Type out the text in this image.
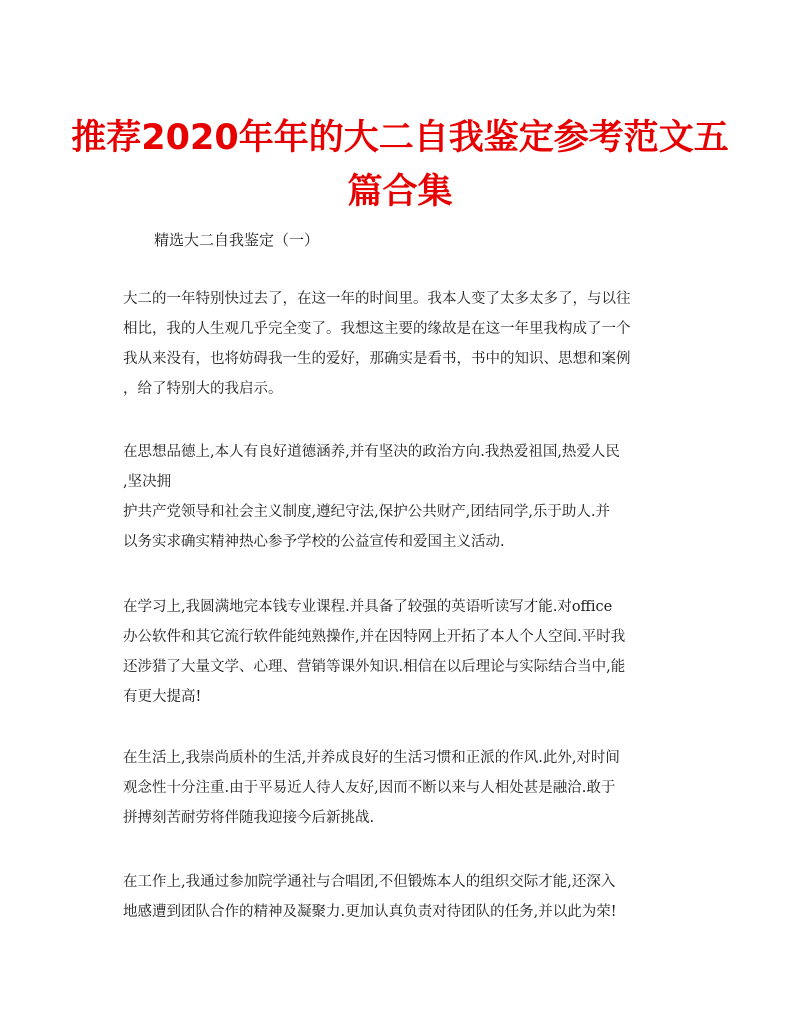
推荐2020年年的大二自我鉴定参考范文五
篇合集

精选大二自我鉴定（一）

大二的一年特别快过去了，在这一年的时间里。我本人变了太多太多了，与以往
相比，我的人生观几乎完全变了。我想这主要的缘故是在这一年里我构成了一个
我从来没有，也将妨碍我一生的爱好，那确实是看书，书中的知识、思想和案例
，给了特别大的我启示。
在思想品德上,本人有良好道德涵养,并有坚决的政治方向.我热爱祖国,热爱人民
,坚决拥
护共产党领导和社会主义制度,遵纪守法,保护公共财产,团结同学,乐于助人.并
以务实求确实精神热心参予学校的公益宣传和爱国主义活动.
在学习上,我圆满地完本钱专业课程.并具备了较强的英语听读写才能.对office
办公软件和其它流行软件能纯熟操作,并在因特网上开拓了本人个人空间.平时我
还涉猎了大量文学、心理、营销等课外知识.相信在以后理论与实际结合当中,能
有更大提高!
在生活上,我崇尚质朴的生活,并养成良好的生活习惯和正派的作风.此外,对时间
观念性十分注重.由于平易近人待人友好,因而不断以来与人相处甚是融洽.敢于
拼搏刻苦耐劳将伴随我迎接今后新挑战.
在工作上,我通过参加院学通社与合唱团,不但锻炼本人的组织交际才能,还深入
地感遭到团队合作的精神及凝聚力.更加认真负责对待团队的任务,并以此为荣!
